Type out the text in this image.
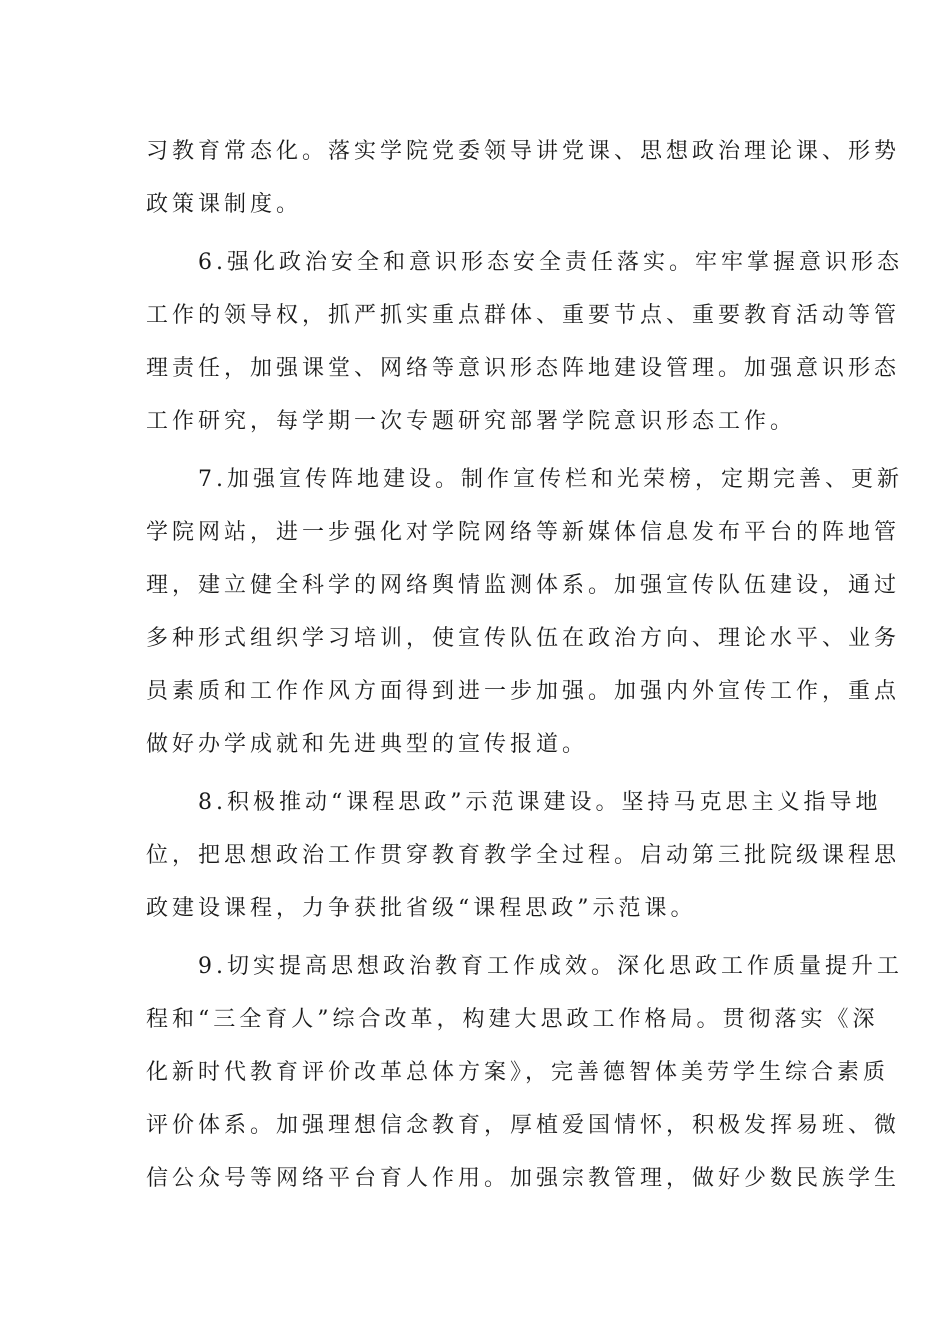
习教育常态化。落实学院党委领导讲党课、思想政治理论课、形势
政策课制度。
　　6.强化政治安全和意识形态安全责任落实。牢牢掌握意识形态
工作的领导权，抓严抓实重点群体、重要节点、重要教育活动等管
理责任，加强课堂、网络等意识形态阵地建设管理。加强意识形态
工作研究，每学期一次专题研究部署学院意识形态工作。
　　7.加强宣传阵地建设。制作宣传栏和光荣榜，定期完善、更新
学院网站，进一步强化对学院网络等新媒体信息发布平台的阵地管
理，建立健全科学的网络舆情监测体系。加强宣传队伍建设，通过
多种形式组织学习培训，使宣传队伍在政治方向、理论水平、业务
员素质和工作作风方面得到进一步加强。加强内外宣传工作，重点
做好办学成就和先进典型的宣传报道。
　　8.积极推动“课程思政”示范课建设。坚持马克思主义指导地
位，把思想政治工作贯穿教育教学全过程。启动第三批院级课程思
政建设课程，力争获批省级“课程思政”示范课。
　　9.切实提高思想政治教育工作成效。深化思政工作质量提升工
程和“三全育人”综合改革，构建大思政工作格局。贯彻落实《深
化新时代教育评价改革总体方案》，完善德智体美劳学生综合素质
评价体系。加强理想信念教育，厚植爱国情怀，积极发挥易班、微
信公众号等网络平台育人作用。加强宗教管理，做好少数民族学生
